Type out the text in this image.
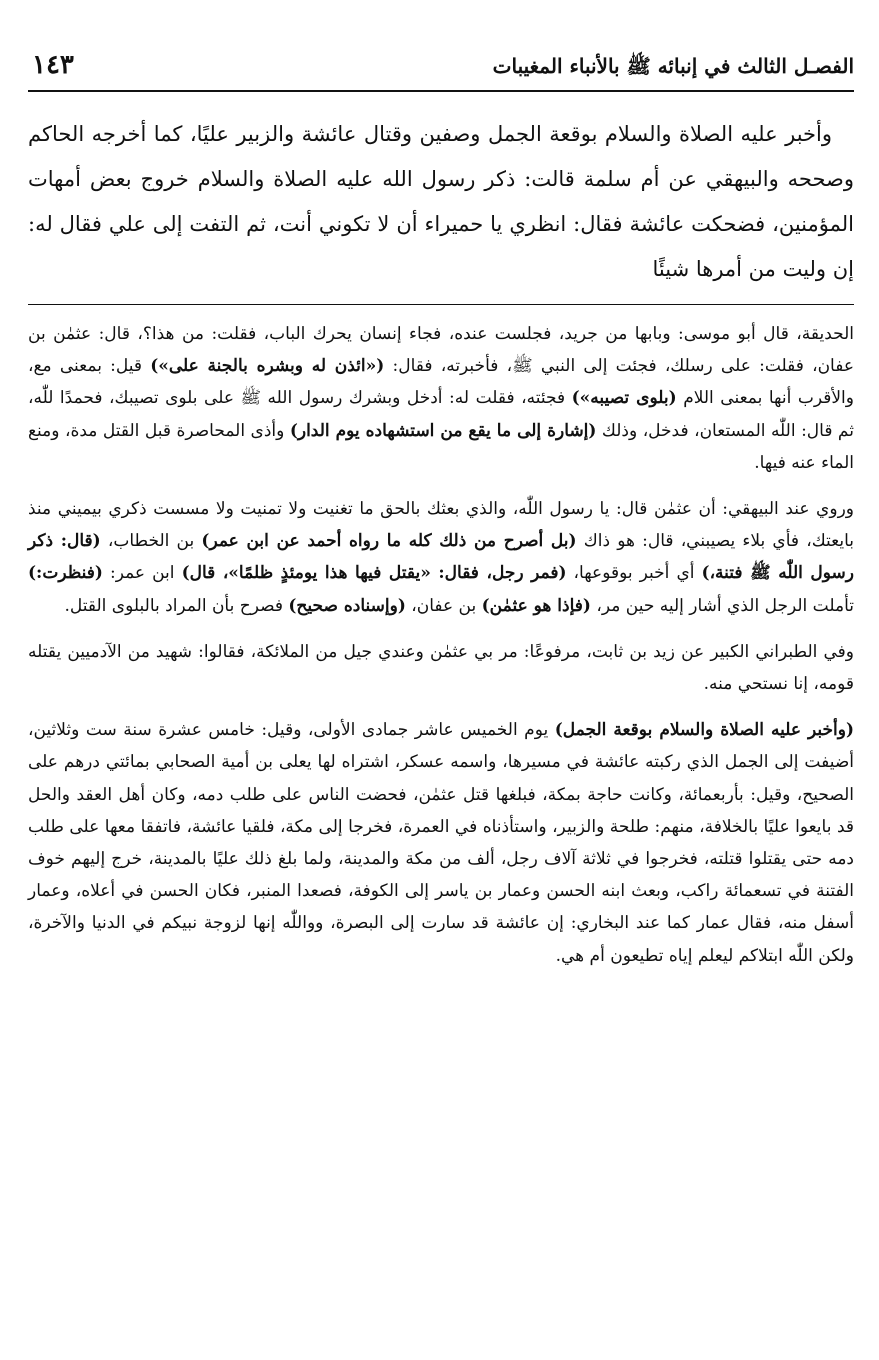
الفصـل الثالث في إنبائه ﷺ بالأنباء المغيبات
١٤٣

وأخبر عليه الصلاة والسلام بوقعة الجمل وصفين وقتال عائشة والزبير عليًا، كما أخرجه الحاكم وصححه والبيهقي عن أم سلمة قالت: ذكر رسول الله عليه الصلاة والسلام خروج بعض أمهات المؤمنين، فضحكت عائشة فقال: انظري يا حميراء أن لا تكوني أنت، ثم التفت إلى علي فقال له: إن وليت من أمرها شيئًا

الحديقة، قال أبو موسى: وبابها من جريد، فجلست عنده، فجاء إنسان يحرك الباب، فقلت: من هذا؟، قال: عثمٰن بن عفان، فقلت: على رسلك، فجئت إلى النبي ﷺ، فأخبرته، فقال: («ائذن له وبشره بالجنة على») قيل: بمعنى مع، والأقرب أنها بمعنى اللام (بلوى تصيبه») فجئته، فقلت له: أدخل وبشرك رسول الله ﷺ على بلوى تصيبك، فحمدًا للّٰه، ثم قال: اللّٰه المستعان، فدخل، وذلك (إشارة إلى ما يقع من استشهاده يوم الدار) وأذى المحاصرة قبل القتل مدة، ومنع الماء عنه فيها.

وروي عند البيهقي: أن عثمٰن قال: يا رسول اللّٰه، والذي بعثك بالحق ما تغنيت ولا تمنيت ولا مسست ذكري بيميني منذ بايعتك، فأي بلاء يصيبني، قال: هو ذاك (بل أصرح من ذلك كله ما رواه أحمد عن ابن عمر) بن الخطاب، (قال: ذكر رسول اللّٰه ﷺ فتنة،) أي أخبر بوقوعها، (فمر رجل، فقال: «يقتل فيها هذا يومئذٍ ظلمًا»، قال) ابن عمر: (فنظرت:) تأملت الرجل الذي أشار إليه حين مر، (فإذا هو عثمٰن) بن عفان، (وإسناده صحيح) فصرح بأن المراد بالبلوى القتل.

وفي الطبراني الكبير عن زيد بن ثابت، مرفوعًا: مر بي عثمٰن وعندي جيل من الملائكة، فقالوا: شهيد من الآدميين يقتله قومه، إنا نستحي منه.

(وأخبر عليه الصلاة والسلام بوقعة الجمل) يوم الخميس عاشر جمادى الأولى، وقيل: خامس عشرة سنة ست وثلاثين، أضيفت إلى الجمل الذي ركبته عائشة في مسيرها، واسمه عسكر، اشتراه لها يعلى بن أمية الصحابي بمائتي درهم على الصحيح، وقيل: بأربعمائة، وكانت حاجة بمكة، فبلغها قتل عثمٰن، فحضت الناس على طلب دمه، وكان أهل العقد والحل قد بايعوا عليًا بالخلافة، منهم: طلحة والزبير، واستأذناه في العمرة، فخرجا إلى مكة، فلقيا عائشة، فاتفقا معها على طلب دمه حتى يقتلوا قتلته، فخرجوا في ثلاثة آلاف رجل، ألف من مكة والمدينة، ولما بلغ ذلك عليًا بالمدينة، خرج إليهم خوف الفتنة في تسعمائة راكب، وبعث ابنه الحسن وعمار بن ياسر إلى الكوفة، فصعدا المنبر، فكان الحسن في أعلاه، وعمار أسفل منه، فقال عمار كما عند البخاري: إن عائشة قد سارت إلى البصرة، وواللّٰه إنها لزوجة نبيكم في الدنيا والآخرة، ولكن اللّٰه ابتلاكم ليعلم إياه تطيعون أم هي.
